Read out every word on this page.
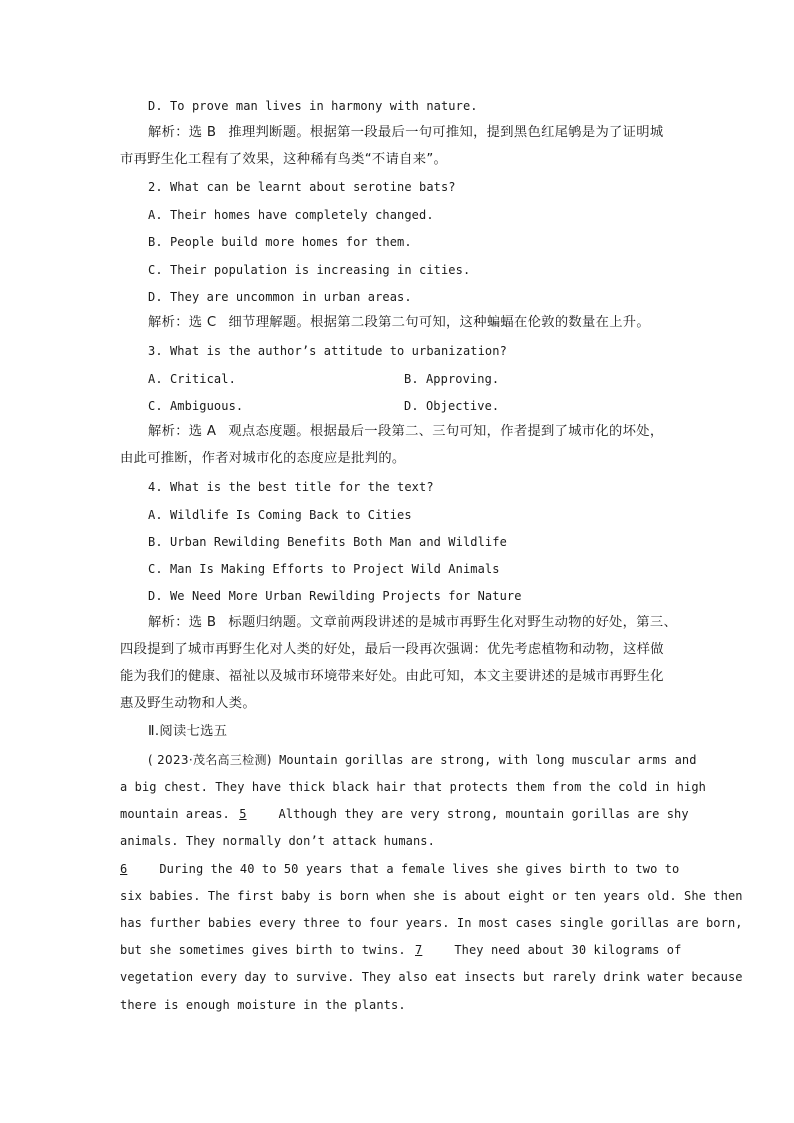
D. To prove man lives in harmony with nature.
解析：选 B 推理判断题。根据第一段最后一句可推知，提到黑色红尾鸲是为了证明城
市再野生化工程有了效果，这种稀有鸟类“不请自来”。
2. What can be learnt about serotine bats?
A. Their homes have completely changed.
B. People build more homes for them.
C. Their population is increasing in cities.
D. They are uncommon in urban areas.
解析：选 C 细节理解题。根据第二段第二句可知，这种蝙蝠在伦敦的数量在上升。
3. What is the author’s attitude to urbanization?
A. Critical.	B. Approving.
C. Ambiguous.	D. Objective.
解析：选 A 观点态度题。根据最后一段第二、三句可知，作者提到了城市化的坏处，
由此可推断，作者对城市化的态度应是批判的。
4. What is the best title for the text?
A. Wildlife Is Coming Back to Cities
B. Urban Rewilding Benefits Both Man and Wildlife
C. Man Is Making Efforts to Project Wild Animals
D. We Need More Urban Rewilding Projects for Nature
解析：选 B 标题归纳题。文章前两段讲述的是城市再野生化对野生动物的好处，第三、
四段提到了城市再野生化对人类的好处，最后一段再次强调：优先考虑植物和动物，这样做
能为我们的健康、福祉以及城市环境带来好处。由此可知，本文主要讲述的是城市再野生化
惠及野生动物和人类。
Ⅱ.阅读七选五
( 2023·茂名高三检测) Mountain gorillas are strong, with long muscular arms and
a big chest. They have thick black hair that protects them from the cold in high
mountain areas. 5	Although they are very strong, mountain gorillas are shy
animals. They normally don’t attack humans.
6	During the 40 to 50 years that a female lives she gives birth to two to
six babies. The first baby is born when she is about eight or ten years old. She then
has further babies every three to four years. In most cases single gorillas are born,
but she sometimes gives birth to twins. 7	They need about 30 kilograms of
vegetation every day to survive. They also eat insects but rarely drink water because
there is enough moisture in the plants.
